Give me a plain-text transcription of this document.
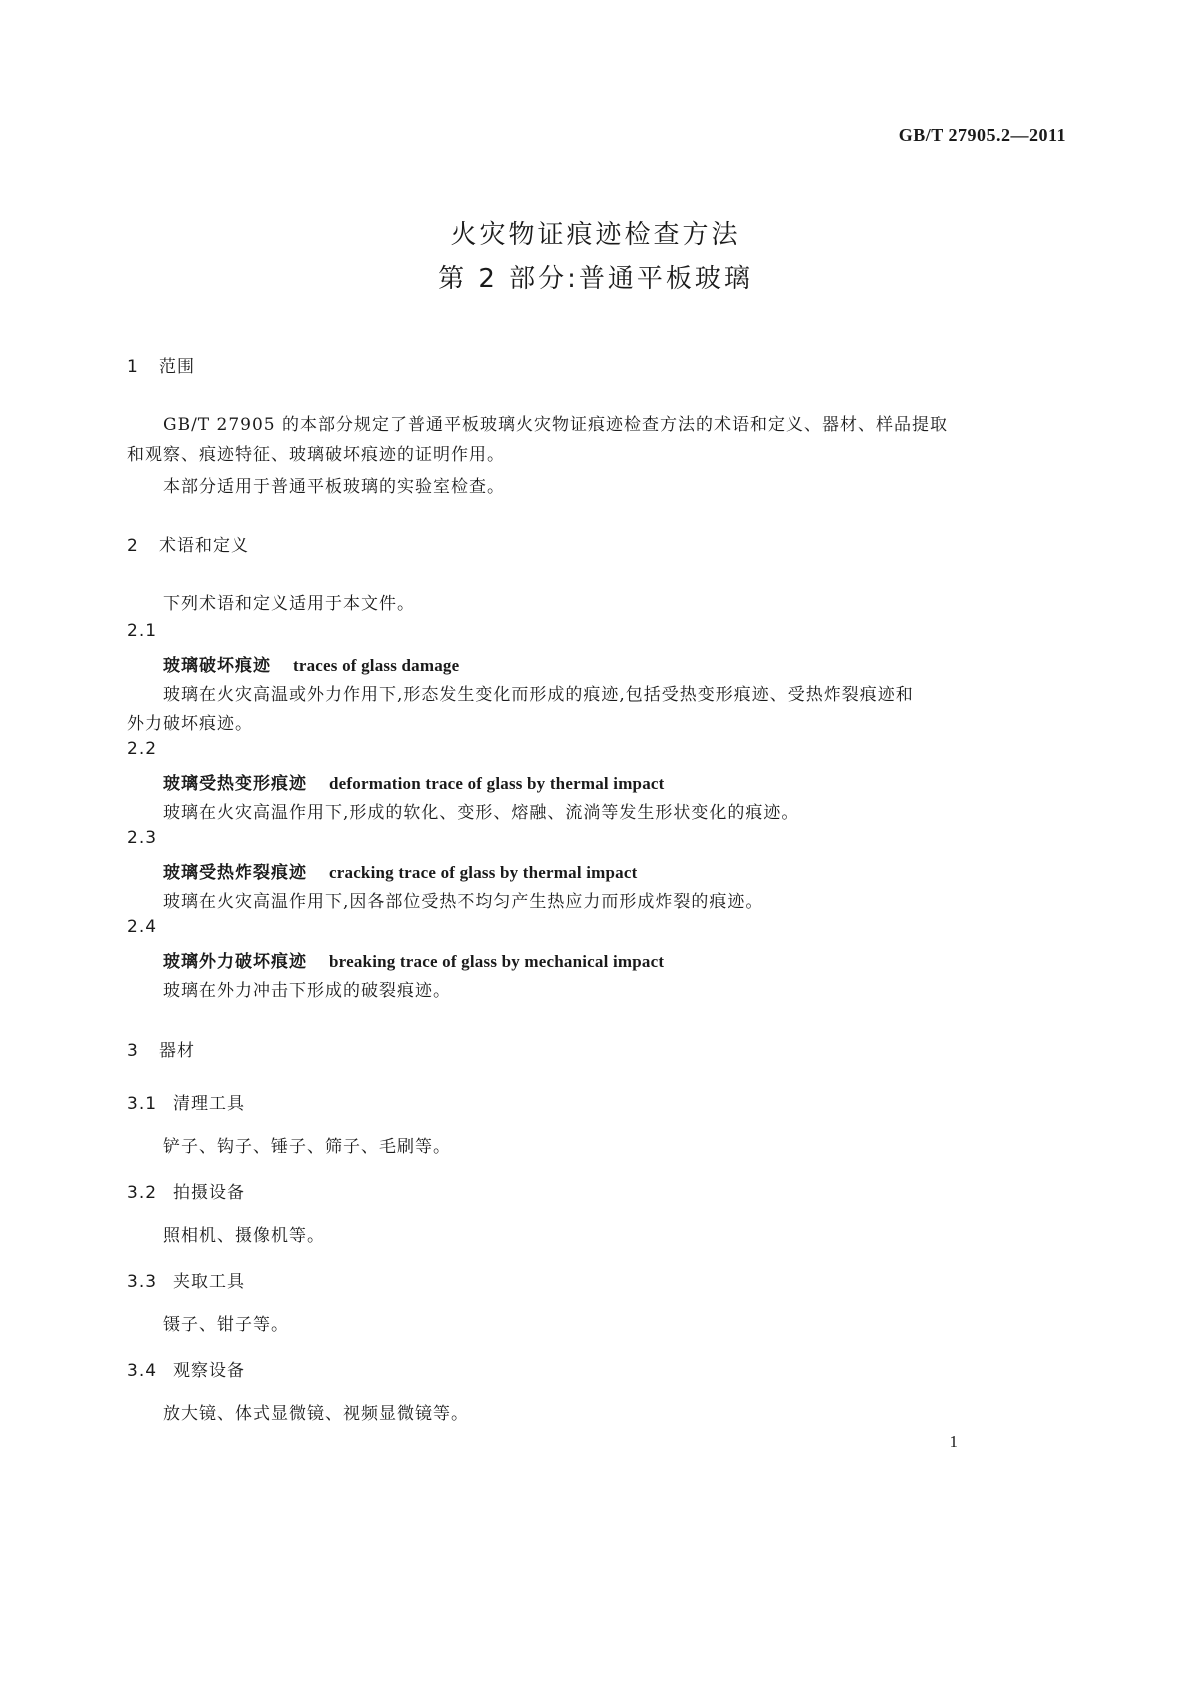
GB/T 27905.2—2011
火灾物证痕迹检查方法
第 2 部分:普通平板玻璃
1 范围
GB/T 27905 的本部分规定了普通平板玻璃火灾物证痕迹检查方法的术语和定义、器材、样品提取
和观察、痕迹特征、玻璃破坏痕迹的证明作用。
本部分适用于普通平板玻璃的实验室检查。
2 术语和定义
下列术语和定义适用于本文件。
2.1
玻璃破坏痕迹 traces of glass damage
玻璃在火灾高温或外力作用下,形态发生变化而形成的痕迹,包括受热变形痕迹、受热炸裂痕迹和
外力破坏痕迹。
2.2
玻璃受热变形痕迹 deformation trace of glass by thermal impact
玻璃在火灾高温作用下,形成的软化、变形、熔融、流淌等发生形状变化的痕迹。
2.3
玻璃受热炸裂痕迹 cracking trace of glass by thermal impact
玻璃在火灾高温作用下,因各部位受热不均匀产生热应力而形成炸裂的痕迹。
2.4
玻璃外力破坏痕迹 breaking trace of glass by mechanical impact
玻璃在外力冲击下形成的破裂痕迹。
3 器材
3.1 清理工具
铲子、钩子、锤子、筛子、毛刷等。
3.2 拍摄设备
照相机、摄像机等。
3.3 夹取工具
镊子、钳子等。
3.4 观察设备
放大镜、体式显微镜、视频显微镜等。
1
